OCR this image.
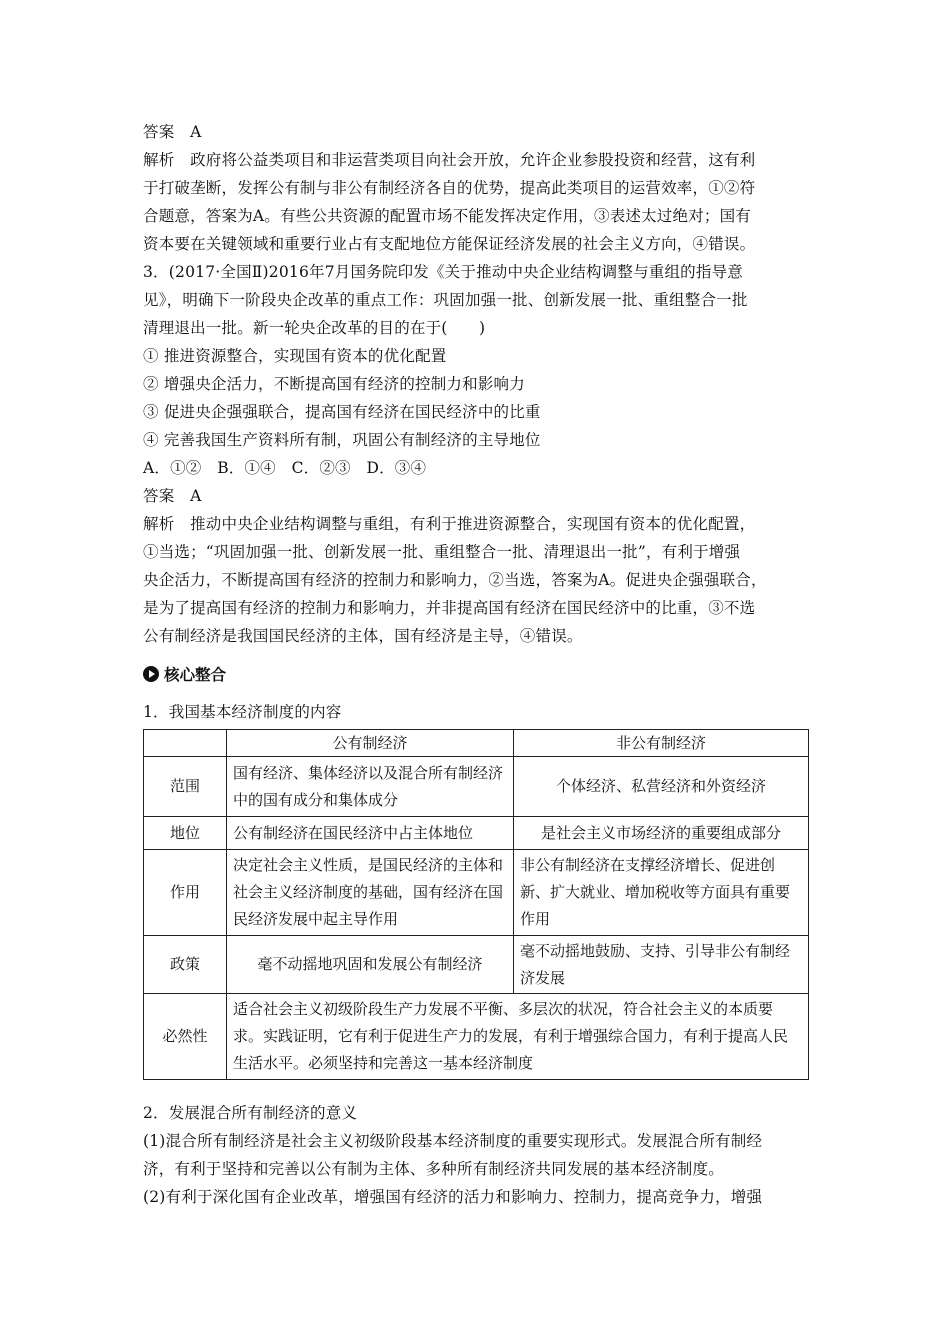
答案　A
解析　政府将公益类项目和非运营类项目向社会开放，允许企业参股投资和经营，这有利
于打破垄断，发挥公有制与非公有制经济各自的优势，提高此类项目的运营效率，①②符
合题意，答案为A。有些公共资源的配置市场不能发挥决定作用，③表述太过绝对；国有
资本要在关键领域和重要行业占有支配地位方能保证经济发展的社会主义方向，④错误。
3．(2017·全国Ⅱ)2016年7月国务院印发《关于推动中央企业结构调整与重组的指导意
见》，明确下一阶段央企改革的重点工作：巩固加强一批、创新发展一批、重组整合一批
清理退出一批。新一轮央企改革的目的在于(　　)
① 推进资源整合，实现国有资本的优化配置
② 增强央企活力，不断提高国有经济的控制力和影响力
③ 促进央企强强联合，提高国有经济在国民经济中的比重
④ 完善我国生产资料所有制，巩固公有制经济的主导地位
A．①②　B．①④　C．②③　D．③④
答案　A
解析　推动中央企业结构调整与重组，有利于推进资源整合，实现国有资本的优化配置，
①当选；“巩固加强一批、创新发展一批、重组整合一批、清理退出一批”，有利于增强
央企活力，不断提高国有经济的控制力和影响力，②当选，答案为A。促进央企强强联合，
是为了提高国有经济的控制力和影响力，并非提高国有经济在国民经济中的比重，③不选
公有制经济是我国国民经济的主体，国有经济是主导，④错误。
核心整合
1．我国基本经济制度的内容
	公有制经济	非公有制经济
范围	国有经济、集体经济以及混合所有制经济中的国有成分和集体成分	个体经济、私营经济和外资经济
地位	公有制经济在国民经济中占主体地位	是社会主义市场经济的重要组成部分
作用	决定社会主义性质，是国民经济的主体和社会主义经济制度的基础，国有经济在国民经济发展中起主导作用	非公有制经济在支撑经济增长、促进创新、扩大就业、增加税收等方面具有重要作用
政策	毫不动摇地巩固和发展公有制经济	毫不动摇地鼓励、支持、引导非公有制经济发展
必然性	适合社会主义初级阶段生产力发展不平衡、多层次的状况，符合社会主义的本质要求。实践证明，它有利于促进生产力的发展，有利于增强综合国力，有利于提高人民生活水平。必须坚持和完善这一基本经济制度	
2．发展混合所有制经济的意义
(1)混合所有制经济是社会主义初级阶段基本经济制度的重要实现形式。发展混合所有制经
济，有利于坚持和完善以公有制为主体、多种所有制经济共同发展的基本经济制度。
(2)有利于深化国有企业改革，增强国有经济的活力和影响力、控制力，提高竞争力，增强
